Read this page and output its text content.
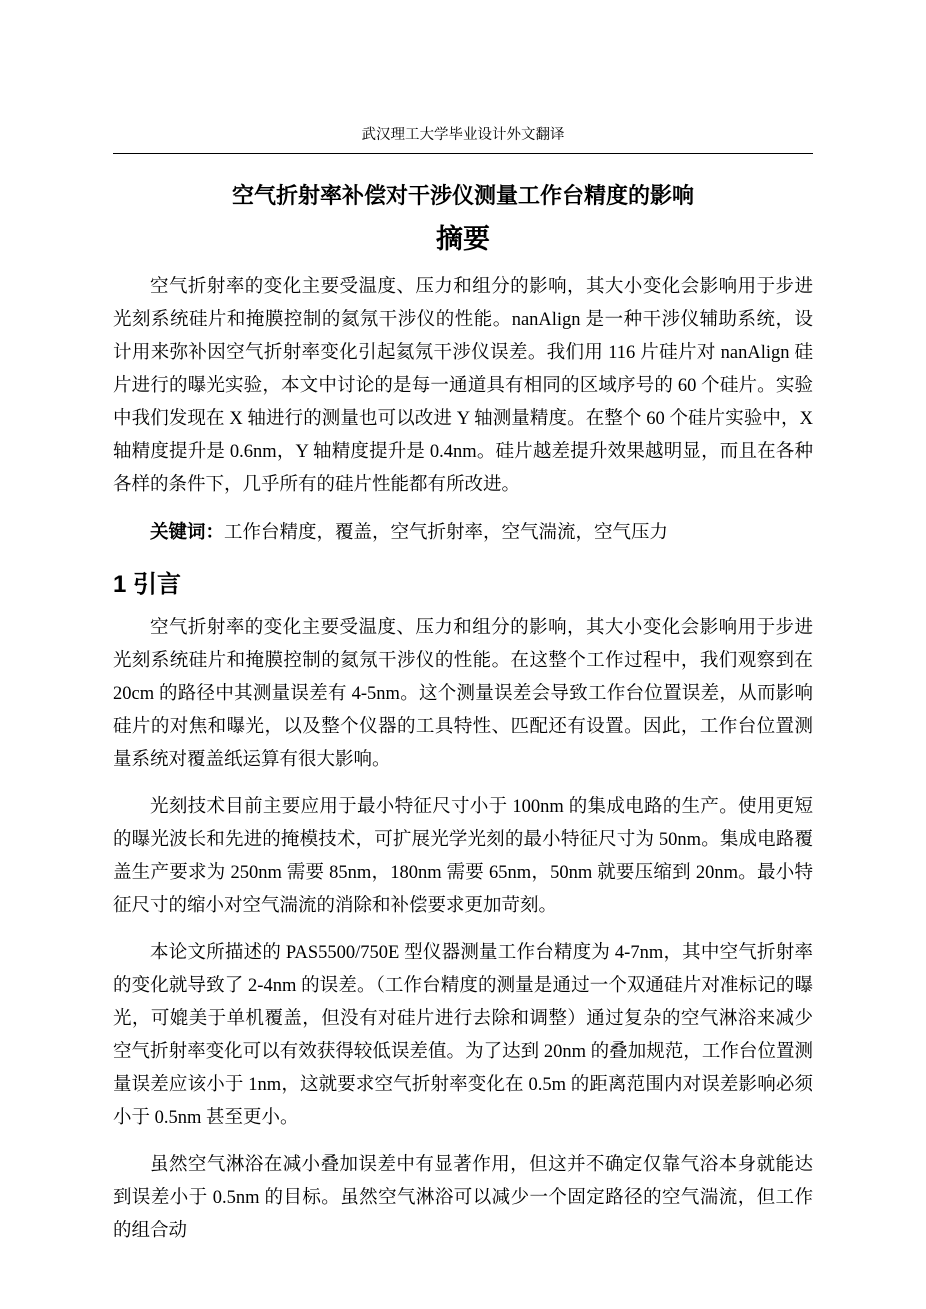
武汉理工大学毕业设计外文翻译
空气折射率补偿对干涉仪测量工作台精度的影响
摘要
空气折射率的变化主要受温度、压力和组分的影响，其大小变化会影响用于步进光刻系统硅片和掩膜控制的氦氖干涉仪的性能。nanAlign 是一种干涉仪辅助系统，设计用来弥补因空气折射率变化引起氦氖干涉仪误差。我们用 116 片硅片对 nanAlign 硅片进行的曝光实验，本文中讨论的是每一通道具有相同的区域序号的 60 个硅片。实验中我们发现在 X 轴进行的测量也可以改进 Y 轴测量精度。在整个 60 个硅片实验中，X 轴精度提升是 0.6nm，Y 轴精度提升是 0.4nm。硅片越差提升效果越明显，而且在各种各样的条件下，几乎所有的硅片性能都有所改进。
关键词：工作台精度，覆盖，空气折射率，空气湍流，空气压力
1 引言
空气折射率的变化主要受温度、压力和组分的影响，其大小变化会影响用于步进光刻系统硅片和掩膜控制的氦氖干涉仪的性能。在这整个工作过程中，我们观察到在 20cm 的路径中其测量误差有 4-5nm。这个测量误差会导致工作台位置误差，从而影响硅片的对焦和曝光，以及整个仪器的工具特性、匹配还有设置。因此，工作台位置测量系统对覆盖纸运算有很大影响。
光刻技术目前主要应用于最小特征尺寸小于 100nm 的集成电路的生产。使用更短的曝光波长和先进的掩模技术，可扩展光学光刻的最小特征尺寸为 50nm。集成电路覆盖生产要求为 250nm 需要 85nm，180nm 需要 65nm，50nm 就要压缩到 20nm。最小特征尺寸的缩小对空气湍流的消除和补偿要求更加苛刻。
本论文所描述的 PAS5500/750E 型仪器测量工作台精度为 4-7nm，其中空气折射率的变化就导致了 2-4nm 的误差。（工作台精度的测量是通过一个双通硅片对准标记的曝光，可媲美于单机覆盖，但没有对硅片进行去除和调整）通过复杂的空气淋浴来减少空气折射率变化可以有效获得较低误差值。为了达到 20nm 的叠加规范，工作台位置测量误差应该小于 1nm，这就要求空气折射率变化在 0.5m 的距离范围内对误差影响必须小于 0.5nm 甚至更小。
虽然空气淋浴在减小叠加误差中有显著作用，但这并不确定仅靠气浴本身就能达到误差小于 0.5nm 的目标。虽然空气淋浴可以减少一个固定路径的空气湍流，但工作的组合动
